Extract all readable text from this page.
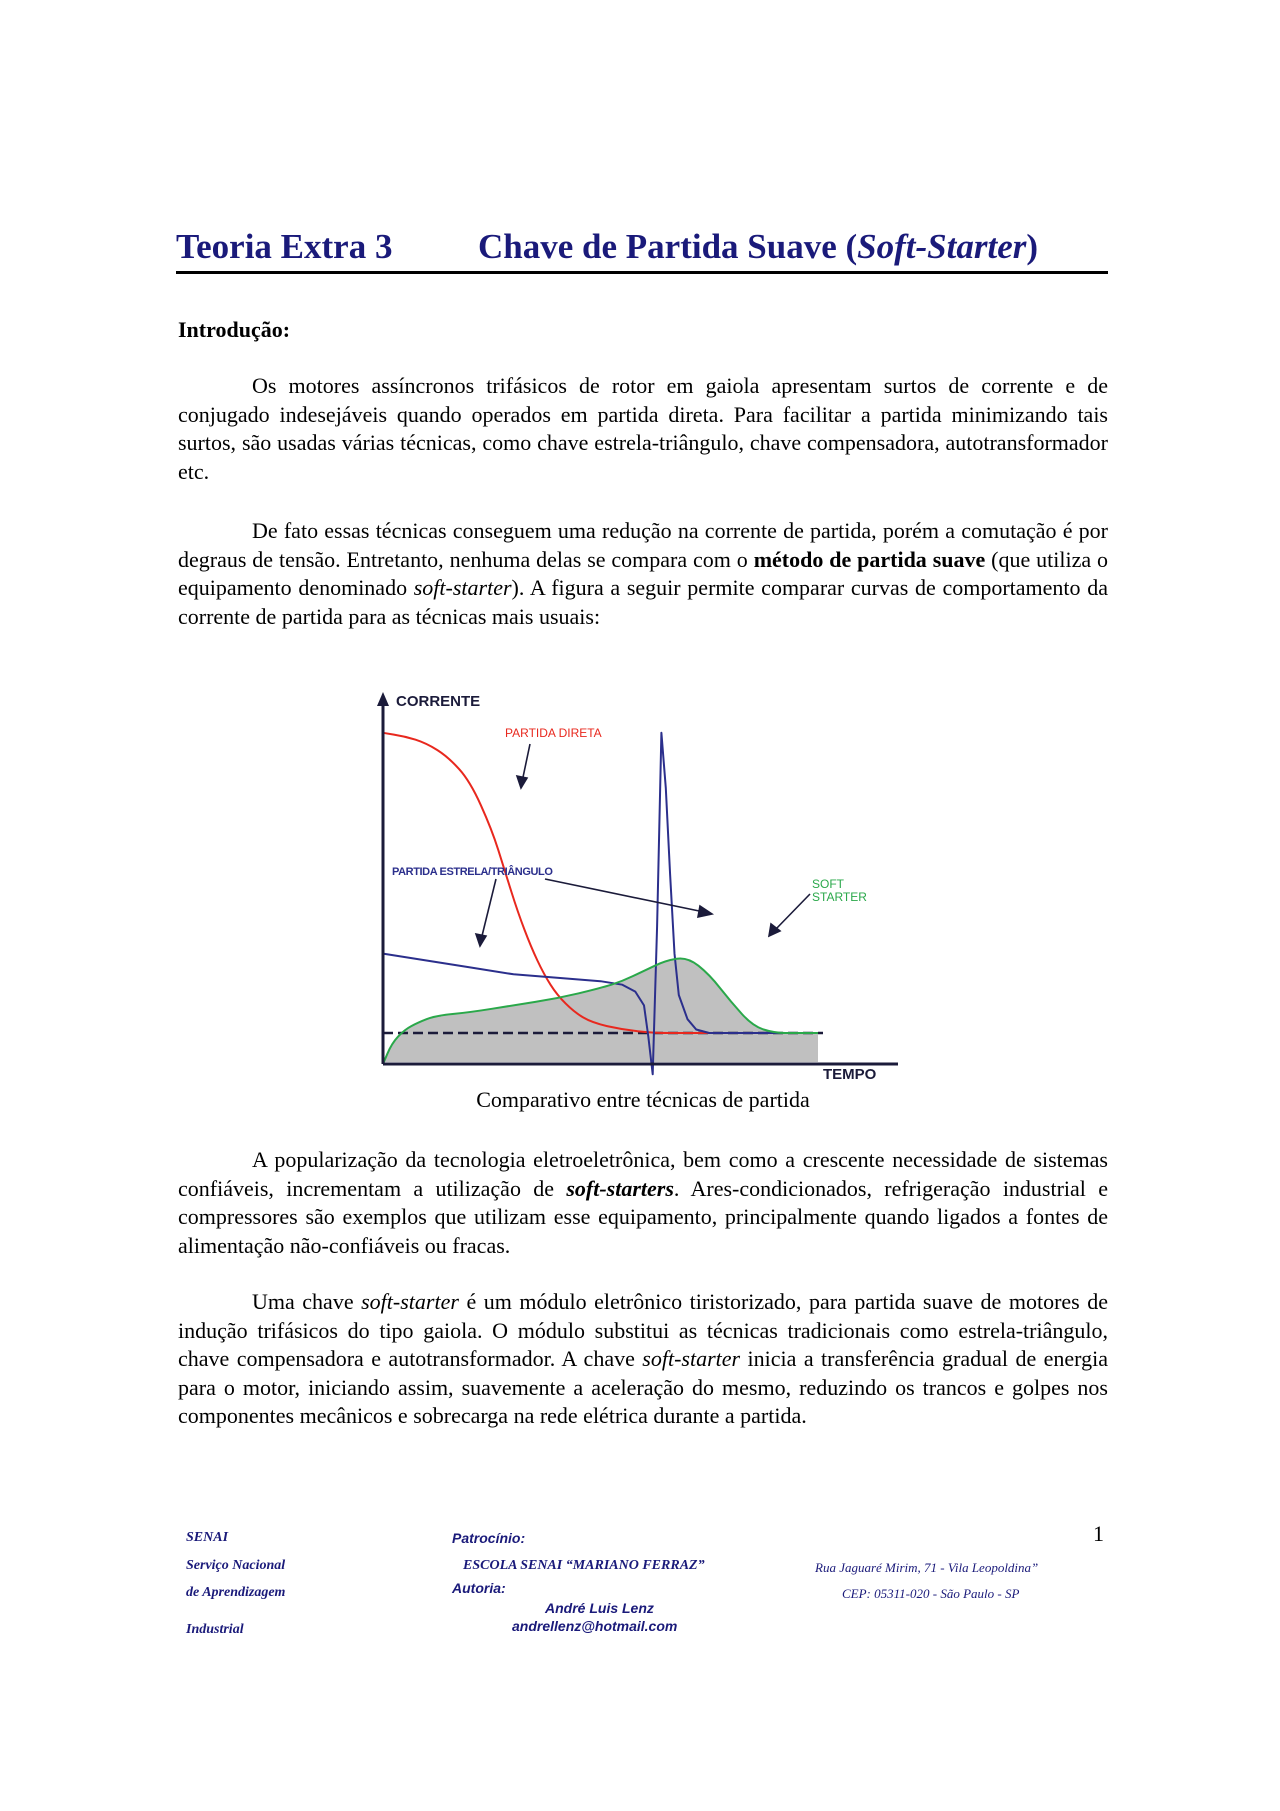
Teoria Extra 3 Chave de Partida Suave (Soft-Starter)
Introdução:
Os motores assíncronos trifásicos de rotor em gaiola apresentam surtos de corrente e de conjugado indesejáveis quando operados em partida direta. Para facilitar a partida minimizando tais surtos, são usadas várias técnicas, como chave estrela-triângulo, chave compensadora, autotransformador etc.
De fato essas técnicas conseguem uma redução na corrente de partida, porém a comutação é por degraus de tensão. Entretanto, nenhuma delas se compara com o método de partida suave (que utiliza o equipamento denominado soft-starter). A figura a seguir permite comparar curvas de comportamento da corrente de partida para as técnicas mais usuais:
CORRENTE
TEMPO
PARTIDA DIRETA
PARTIDA ESTRELA/TRIÂNGULO
SOFT
STARTER
Comparativo entre técnicas de partida
A popularização da tecnologia eletroeletrônica, bem como a crescente necessidade de sistemas confiáveis, incrementam a utilização de soft-starters. Ares-condicionados, refrigeração industrial e compressores são exemplos que utilizam esse equipamento, principalmente quando ligados a fontes de alimentação não-confiáveis ou fracas.
Uma chave soft-starter é um módulo eletrônico tiristorizado, para partida suave de motores de indução trifásicos do tipo gaiola. O módulo substitui as técnicas tradicionais como estrela-triângulo, chave compensadora e autotransformador. A chave soft-starter inicia a transferência gradual de energia para o motor, iniciando assim, suavemente a aceleração do mesmo, reduzindo os trancos e golpes nos componentes mecânicos e sobrecarga na rede elétrica durante a partida.
SENAI
Serviço Nacional
de Aprendizagem
Industrial
Patrocínio:
ESCOLA SENAI “MARIANO FERRAZ”
Autoria:
André Luis Lenz
andrellenz@hotmail.com
Rua Jaguaré Mirim, 71 - Vila Leopoldina”
CEP: 05311-020 - São Paulo - SP
1
